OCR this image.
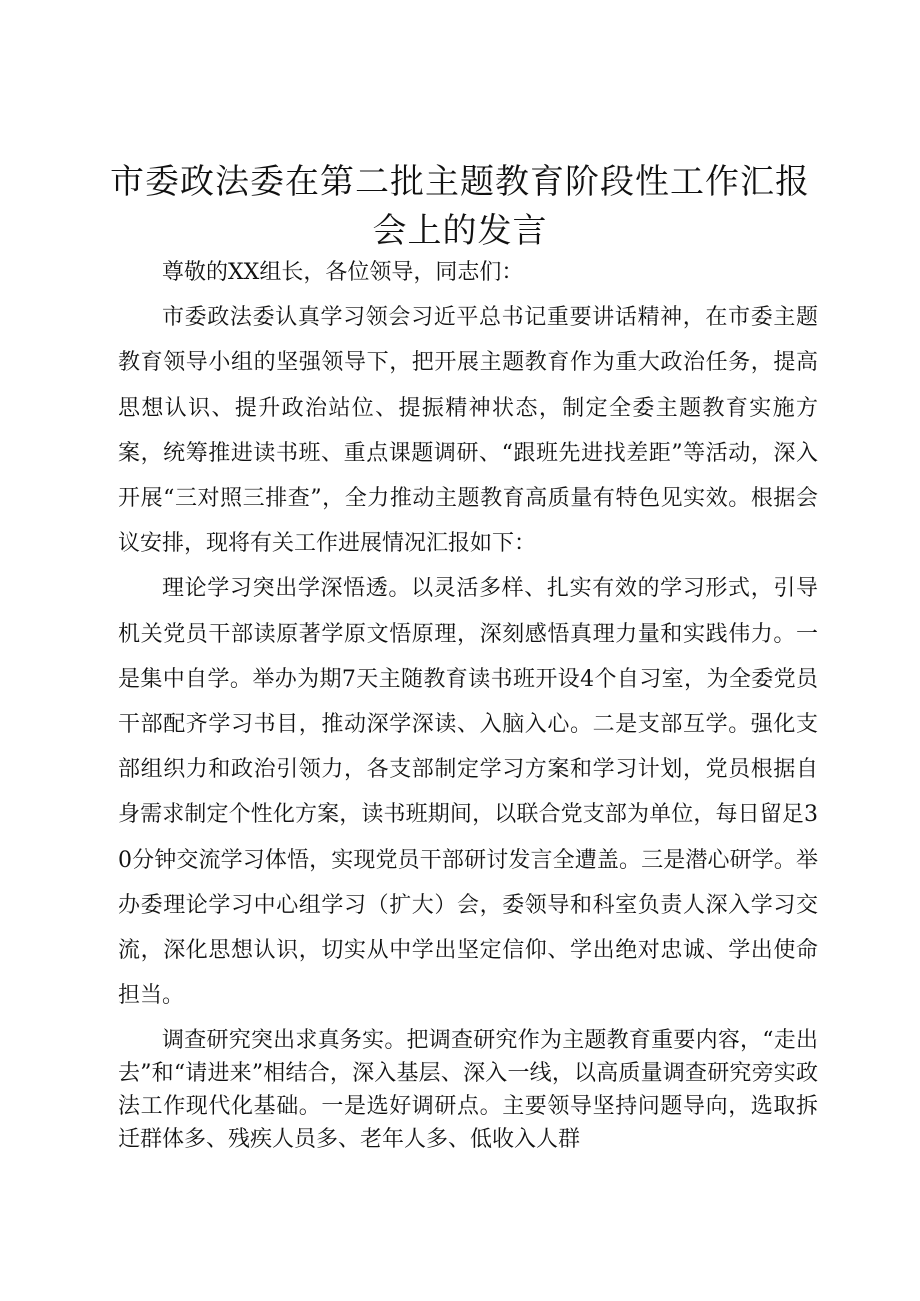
市委政法委在第二批主题教育阶段性工作汇报会上的发言

尊敬的XX组长，各位领导，同志们：

市委政法委认真学习领会习近平总书记重要讲话精神，在市委主题教育领导小组的坚强领导下，把开展主题教育作为重大政治任务，提高思想认识、提升政治站位、提振精神状态，制定全委主题教育实施方案，统筹推进读书班、重点课题调研、“跟班先进找差距”等活动，深入开展“三对照三排查”，全力推动主题教育高质量有特色见实效。根据会议安排，现将有关工作进展情况汇报如下：

理论学习突出学深悟透。以灵活多样、扎实有效的学习形式，引导机关党员干部读原著学原文悟原理，深刻感悟真理力量和实践伟力。一是集中自学。举办为期7天主随教育读书班开设4个自习室，为全委党员干部配齐学习书目，推动深学深读、入脑入心。二是支部互学。强化支部组织力和政治引领力，各支部制定学习方案和学习计划，党员根据自身需求制定个性化方案，读书班期间，以联合党支部为单位，每日留足30分钟交流学习体悟，实现党员干部研讨发言全遭盖。三是潜心研学。举办委理论学习中心组学习（扩大）会，委领导和科室负责人深入学习交流，深化思想认识，切实从中学出坚定信仰、学出绝对忠诚、学出使命担当。

调查研究突出求真务实。把调查研究作为主题教育重要内容，“走出去”和“请进来”相结合，深入基层、深入一线，以高质量调查研究旁实政法工作现代化基础。一是选好调研点。主要领导坚持问题导向，选取拆迁群体多、残疾人员多、老年人多、低收入人群
